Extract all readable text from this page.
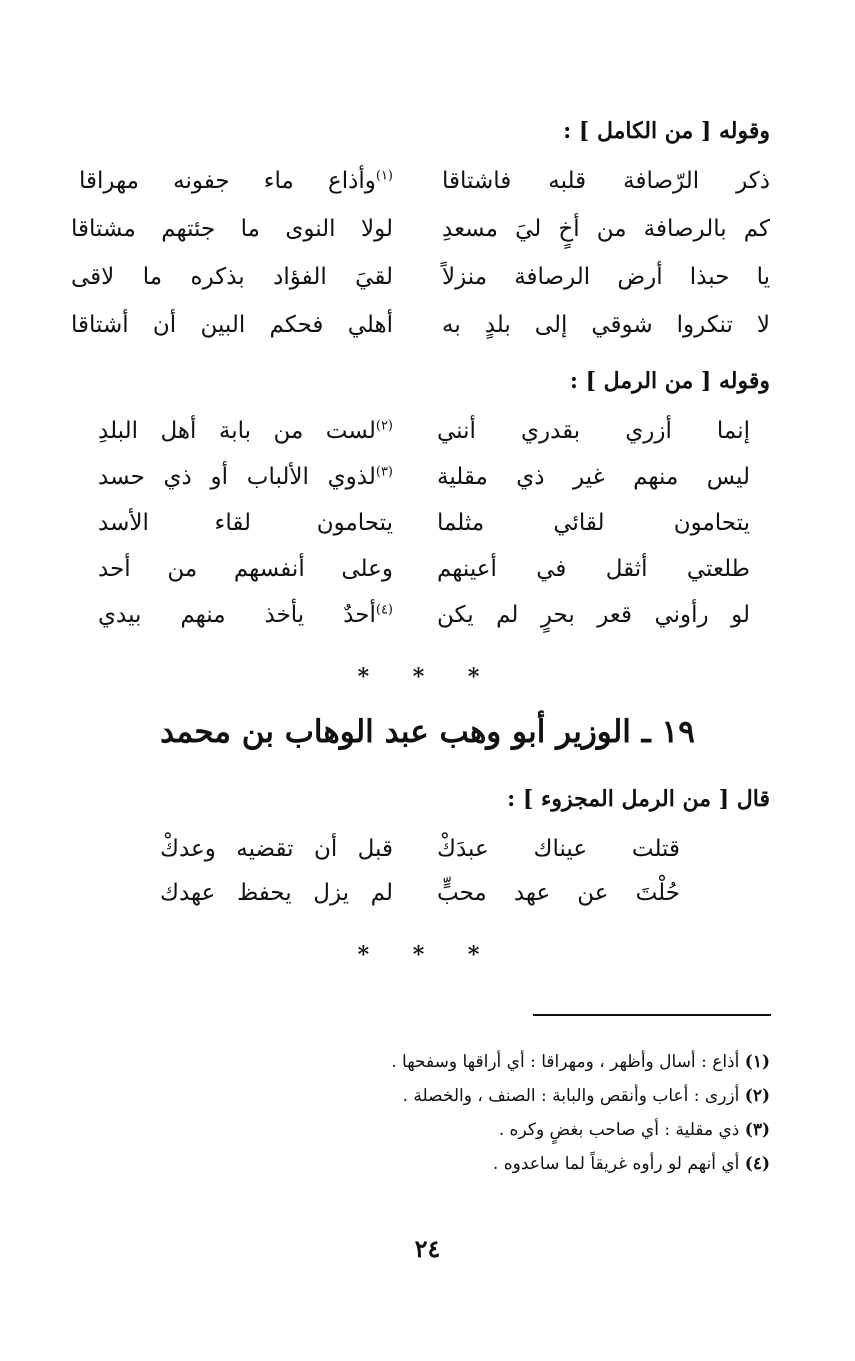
وقوله [ من الكامل ] :
ذكر الرّصافة قلبه فاشتاقا
$^{(١)}$وأذاع ماء جفونه مهراقا
كم بالرصافة من أخٍ ليَ مسعدِ
لولا النوى ما جئتهم مشتاقا
يا حبذا أرض الرصافة منزلاً
لقيَ الفؤاد بذكره ما لاقى
لا تنكروا شوقي إلى بلدٍ به
أهلي فحكم البين أن أشتاقا
وقوله [ من الرمل ] :
إنما أزري بقدري أنني
$^{(٢)}$لست من بابة أهل البلدِ
ليس منهم غير ذي مقلية
$^{(٣)}$لذوي الألباب أو ذي حسد
يتحامون لقائي مثلما
يتحامون لقاء الأسد
طلعتي أثقل في أعينهم
وعلى أنفسهم من أحد
لو رأوني قعر بحرٍ لم يكن
$^{(٤)}$أحدٌ يأخذ منهم بيدي
* * *
١٩ ـ الوزير أبو وهب عبد الوهاب بن محمد
قال [ من الرمل المجزوء ] :
قتلت عيناك عبدَكْ
قبل أن تقضيه وعدكْ
حُلْتَ عن عهد محبٍّ
لم يزل يحفظ عهدك
* * *
(١) أذاع : أسال وأظهر ، ومهراقا : أي أراقها وسفحها .
(٢) أزرى : أعاب وأنقص والبابة : الصنف ، والخصلة .
(٣) ذي مقلية : أي صاحب بغضٍ وكره .
(٤) أي أنهم لو رأوه غريقاً لما ساعدوه .
٢٤
